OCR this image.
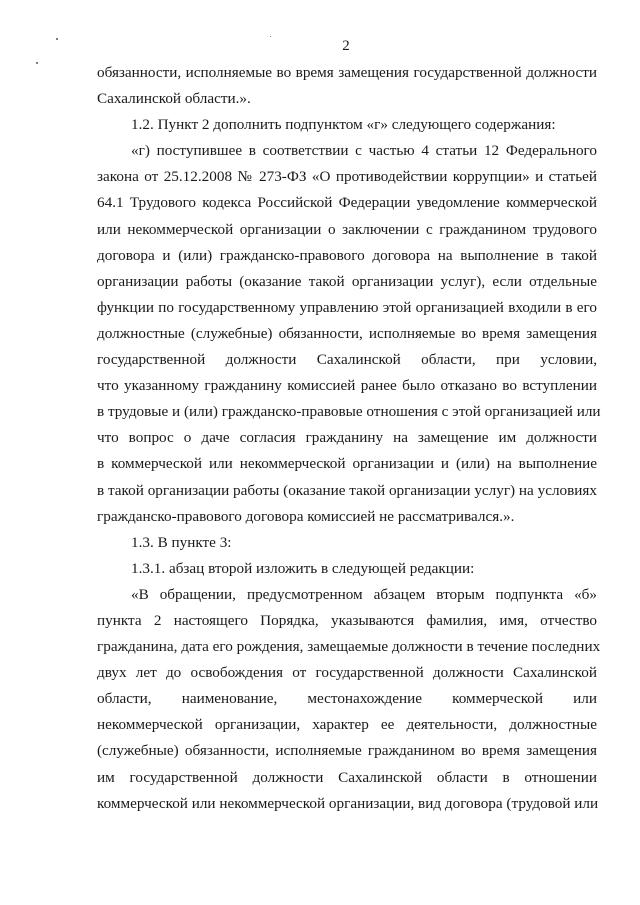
2
обязанности, исполняемые во время замещения государственной должности
Сахалинской области.».
1.2. Пункт 2 дополнить подпунктом «г» следующего содержания:
«г) поступившее в соответствии с частью 4 статьи 12 Федерального
закона от 25.12.2008 № 273-ФЗ «О противодействии коррупции» и статьей
64.1 Трудового кодекса Российской Федерации уведомление коммерческой
или некоммерческой организации о заключении с гражданином трудового
договора и (или) гражданско-правового договора на выполнение в такой
организации работы (оказание такой организации услуг), если отдельные
функции по государственному управлению этой организацией входили в его
должностные (служебные) обязанности, исполняемые во время замещения
государственной должности Сахалинской области, при условии,
что указанному гражданину комиссией ранее было отказано во вступлении
в трудовые и (или) гражданско-правовые отношения с этой организацией или
что вопрос о даче согласия гражданину на замещение им должности
в коммерческой или некоммерческой организации и (или) на выполнение
в такой организации работы (оказание такой организации услуг) на условиях
гражданско-правового договора комиссией не рассматривался.».
1.3. В пункте 3:
1.3.1. абзац второй изложить в следующей редакции:
«В обращении, предусмотренном абзацем вторым подпункта «б»
пункта 2 настоящего Порядка, указываются фамилия, имя, отчество
гражданина, дата его рождения, замещаемые должности в течение последних
двух лет до освобождения от государственной должности Сахалинской
области, наименование, местонахождение коммерческой или
некоммерческой организации, характер ее деятельности, должностные
(служебные) обязанности, исполняемые гражданином во время замещения
им государственной должности Сахалинской области в отношении
коммерческой или некоммерческой организации, вид договора (трудовой или
